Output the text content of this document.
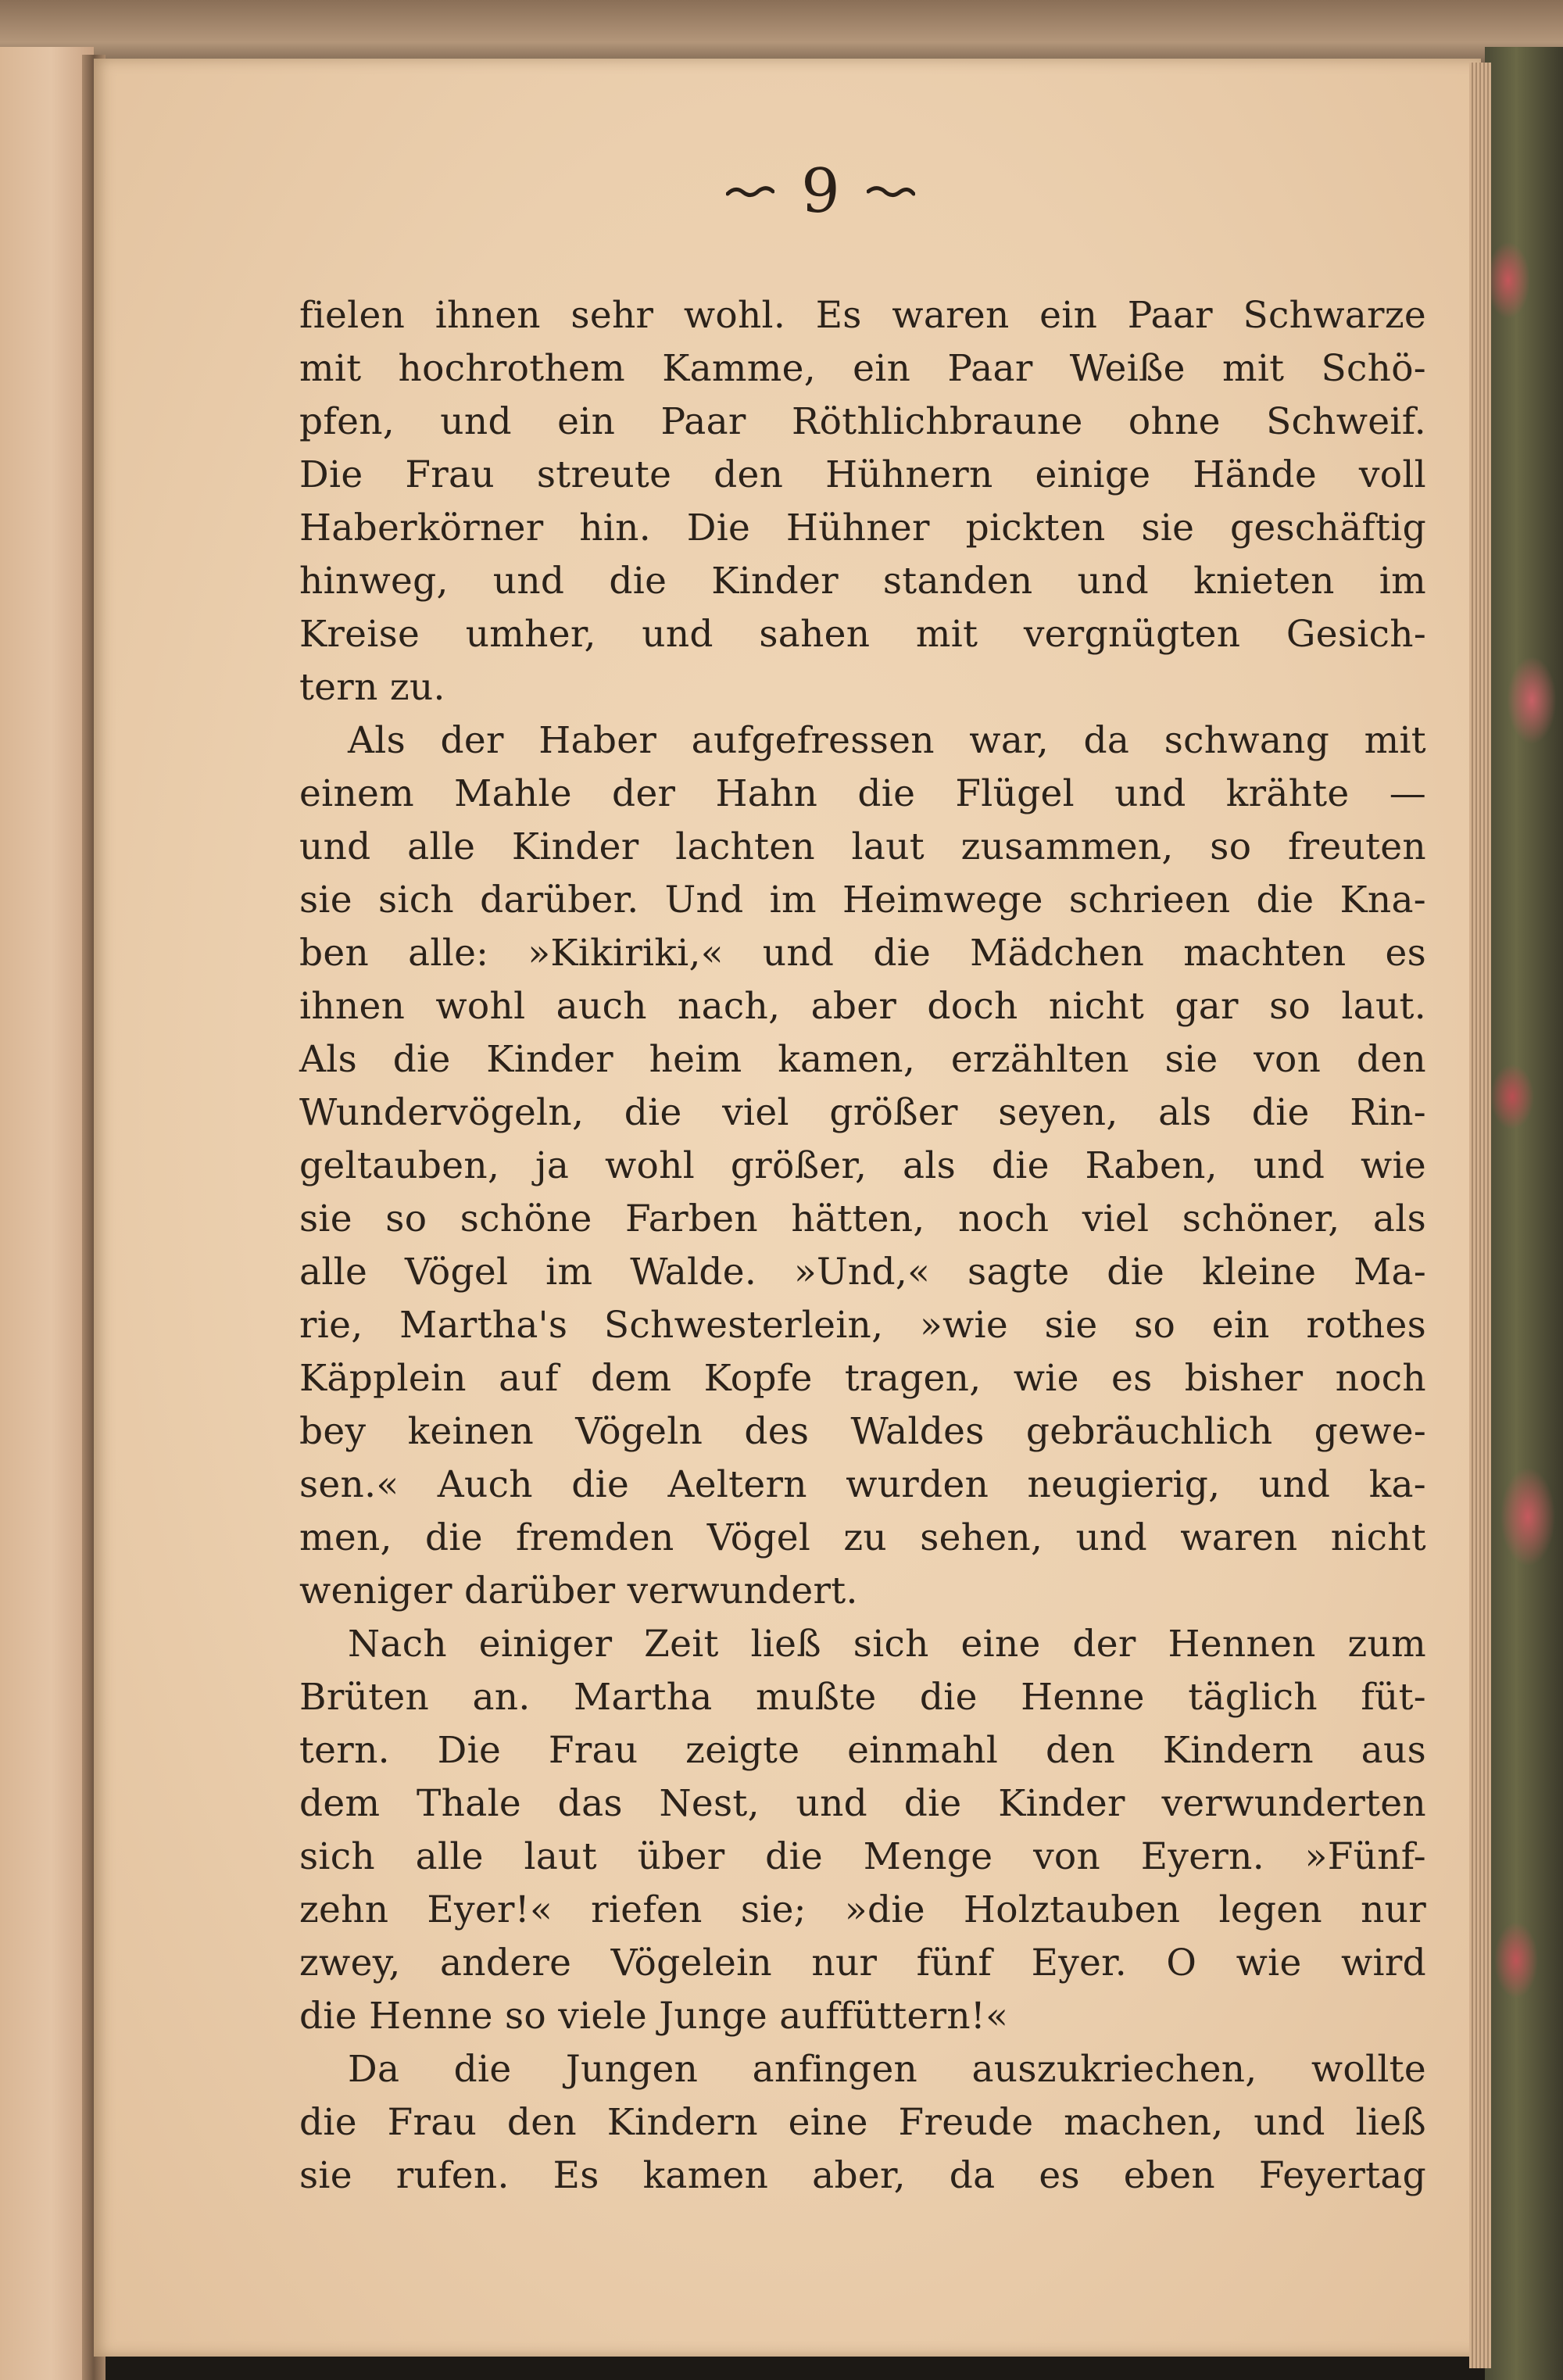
9
fielen ihnen sehr wohl. Es waren ein Paar Schwarze
mit hochrothem Kamme, ein Paar Weiße mit Schö-
pfen, und ein Paar Röthlichbraune ohne Schweif.
Die Frau streute den Hühnern einige Hände voll
Haberkörner hin. Die Hühner pickten sie geschäftig
hinweg, und die Kinder standen und knieten im
Kreise umher, und sahen mit vergnügten Gesich-
tern zu.
Als der Haber aufgefressen war, da schwang mit
einem Mahle der Hahn die Flügel und krähte —
und alle Kinder lachten laut zusammen, so freuten
sie sich darüber. Und im Heimwege schrieen die Kna-
ben alle: »Kikiriki,« und die Mädchen machten es
ihnen wohl auch nach, aber doch nicht gar so laut.
Als die Kinder heim kamen, erzählten sie von den
Wundervögeln, die viel größer seyen, als die Rin-
geltauben, ja wohl größer, als die Raben, und wie
sie so schöne Farben hätten, noch viel schöner, als
alle Vögel im Walde. »Und,« sagte die kleine Ma-
rie, Martha's Schwesterlein, »wie sie so ein rothes
Käpplein auf dem Kopfe tragen, wie es bisher noch
bey keinen Vögeln des Waldes gebräuchlich gewe-
sen.« Auch die Aeltern wurden neugierig, und ka-
men, die fremden Vögel zu sehen, und waren nicht
weniger darüber verwundert.
Nach einiger Zeit ließ sich eine der Hennen zum
Brüten an. Martha mußte die Henne täglich füt-
tern. Die Frau zeigte einmahl den Kindern aus
dem Thale das Nest, und die Kinder verwunderten
sich alle laut über die Menge von Eyern. »Fünf-
zehn Eyer!« riefen sie; »die Holztauben legen nur
zwey, andere Vögelein nur fünf Eyer. O wie wird
die Henne so viele Junge auffüttern!«
Da die Jungen anfingen auszukriechen, wollte
die Frau den Kindern eine Freude machen, und ließ
sie rufen. Es kamen aber, da es eben Feyertag
